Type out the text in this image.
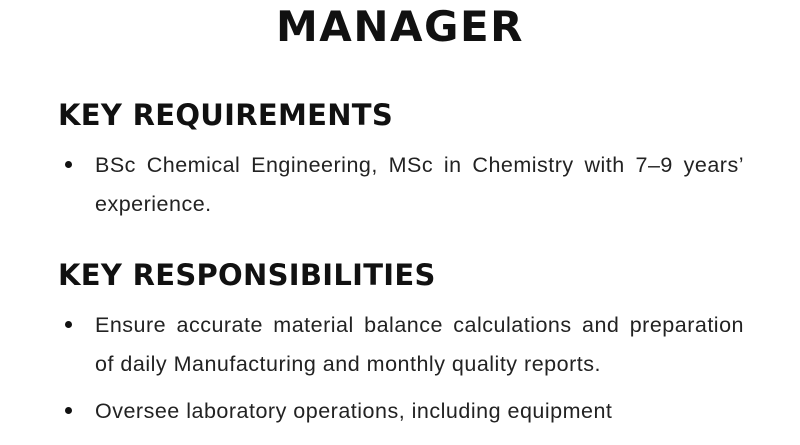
MANAGER
KEY REQUIREMENTS
BSc Chemical Engineering, MSc in Chemistry with 7–9 years’ experience.
KEY RESPONSIBILITIES
Ensure accurate material balance calculations and preparation of daily Manufacturing and monthly quality reports.
Oversee laboratory operations, including equipment
